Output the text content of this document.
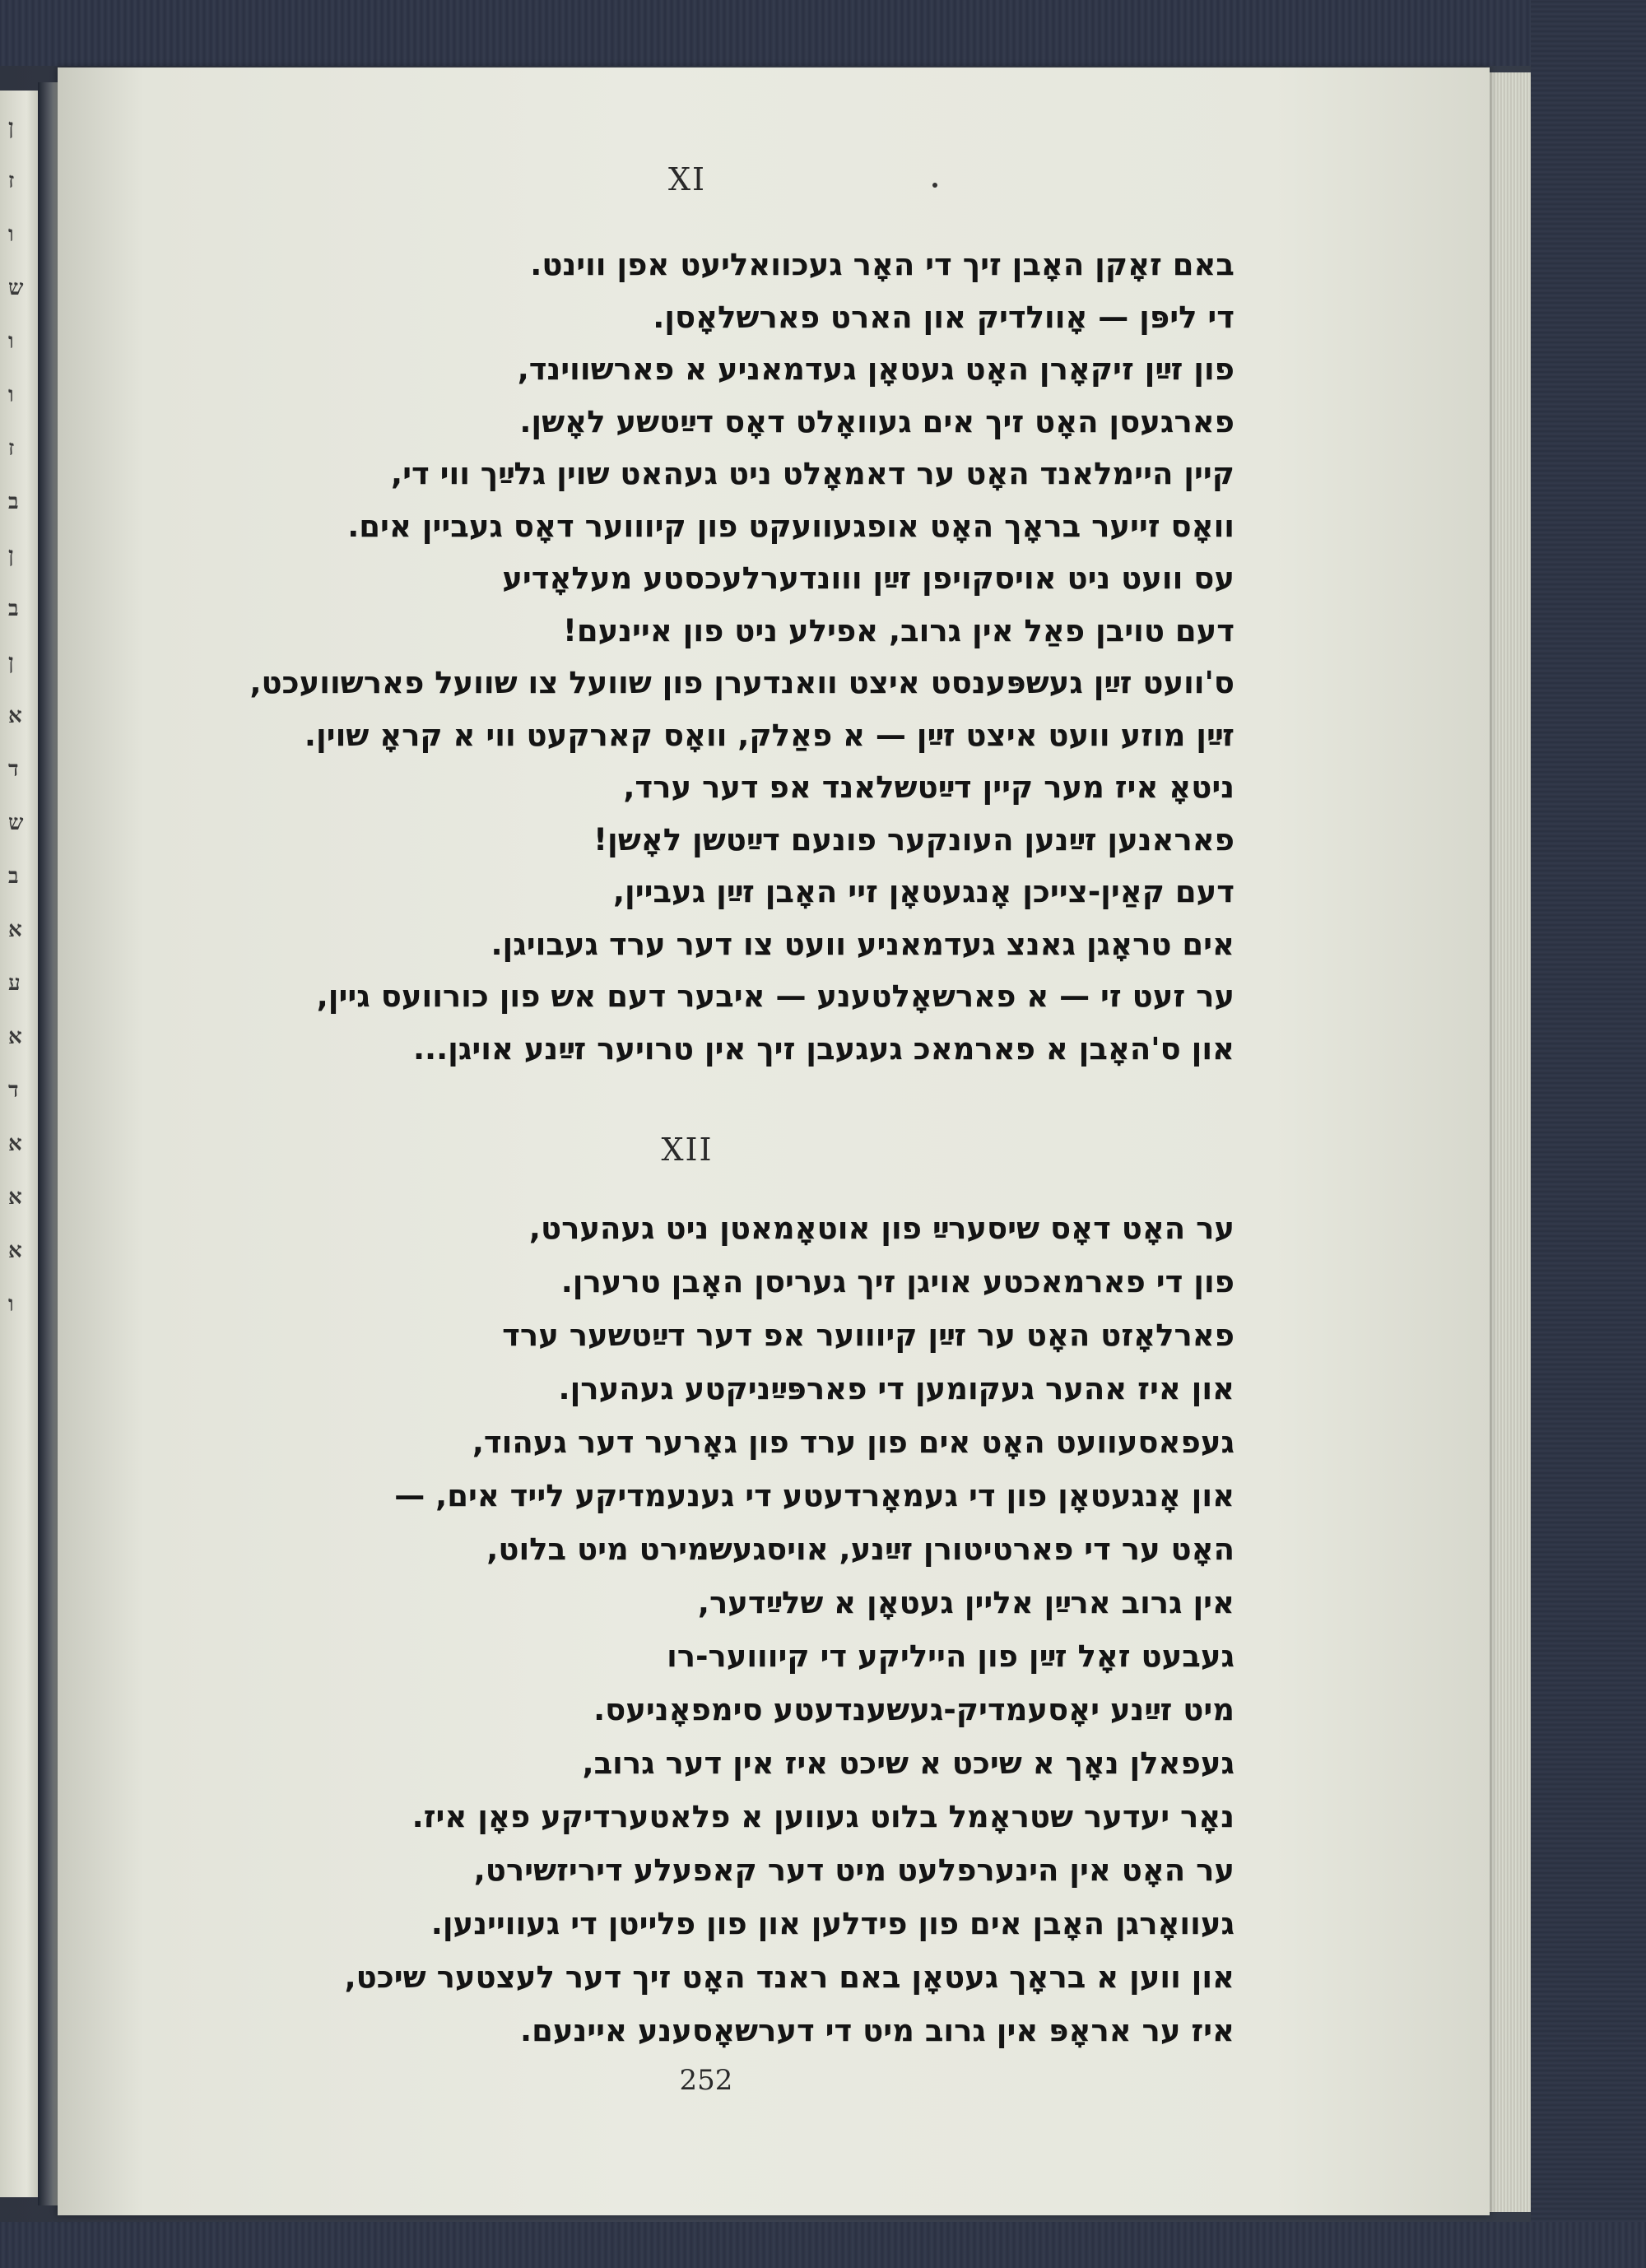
ן
ז
ו
ש
ו
ו
ז
ב
ן
ב
ן
א
ד
ש
ב
א
ע
א
ד
א
א
א
ו
XI
באם זאָקן האָבן זיך די האָר געכוואליעט אפן ווינט.
די ליפּן — אָוולדיק און הארט פארשלאָסן.
פון זײַן זיקאָרן האָט געטאָן געדמאניע א פארשווינד,
פארגעסן האָט זיך אים געוואָלט דאָס דײַטשע לאָשן.
קיין היימלאנד האָט ער דאמאָלט ניט געהאט שוין גלײַך ווי די,
וואָס זייער בראָך האָט אופגעוועקט פון קיוווער דאָס געביין אים.
עס וועט ניט אויסקויפן זײַן ווונדערלעכסטע מעלאָדיע
דעם טויבן פאַל אין גרוב, אפילע ניט פון איינעם!
ס'וועט זײַן געשפּענסט איצט וואנדערן פון שוועל צו שוועל פארשוועכט,
זײַן מוזע וועט איצט זײַן — א פאַלק, וואָס קארקעט ווי א קראָ שוין.
ניטאָ איז מער קיין דײַטשלאנד אפ דער ערד,
פאראנען זײַנען העונקער פונעם דײַטשן לאָשן!
דעם קאַין-צייכן אָנגעטאָן זיי האָבן זײַן געביין,
אים טראָגן גאנצ געדמאניע וועט צו דער ערד געבויגן.
ער זעט זי — א פארשאָלטענע — איבער דעם אש פון כורוועס גיין,
און ס'האָבן א פארמאכ געגעבן זיך אין טרויער זײַנע אויגן...
XII
ער האָט דאָס שיסערײַ פון אוטאָמאטן ניט געהערט,
פון די פארמאכטע אויגן זיך געריסן האָבן טרערן.
פארלאָזט האָט ער זײַן קיוווער אפ דער דײַטשער ערד
און איז אהער געקומען די פארפּײַניקטע געהערן.
געפאסעוועט האָט אים פון ערד פון גאָרער דער געהוד,
און אָנגעטאָן פון די געמאָרדעטע די גענעמדיקע לייד אים, —
האָט ער די פארטיטורן זײַנע, אויסגעשמירט מיט בלוט,
אין גרוב ארײַן אליין געטאָן א שלײַדער,
געבעט זאָל זײַן פון הייליקע די קיוווער-רו
מיט זײַנע יאָסעמדיק-געשענדעטע סימפאָניעס.
געפאלן נאָך א שיכט א שיכט איז אין דער גרוב,
נאָר יעדער שטראָמל בלוט געווען א פלאטערדיקע פאָן איז.
ער האָט אין הינערפלעט מיט דער קאפעלע דיריזשירט,
געוואָרגן האָבן אים פון פידלען און פון פלייטן די געוויינען.
און ווען א בראָך געטאָן באם ראנד האָט זיך דער לעצטער שיכט,
איז ער אראָפּ אין גרוב מיט די דערשאָסענע איינעם.
252
